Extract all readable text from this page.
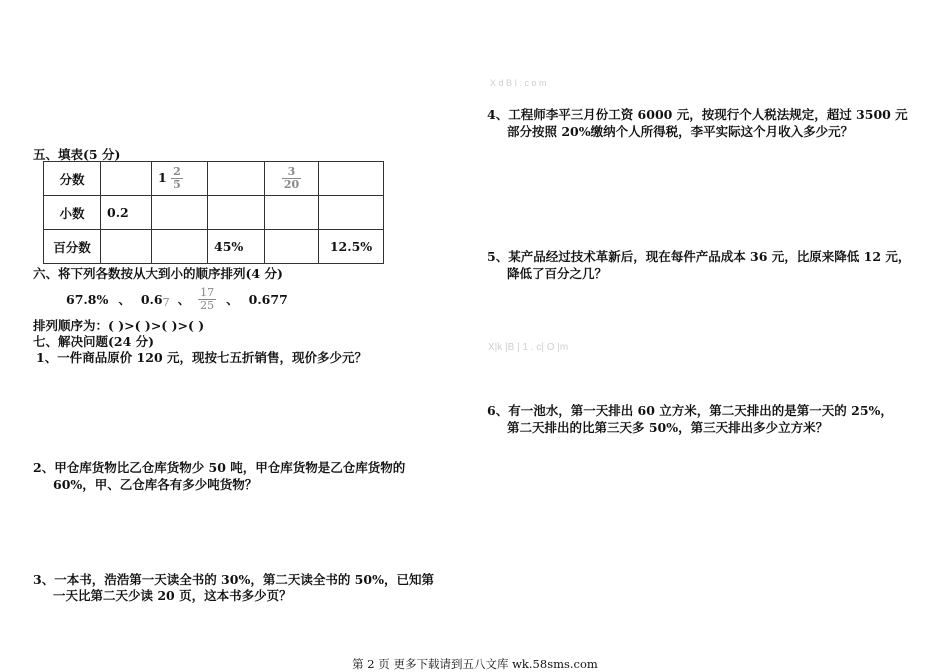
X d B I . c o m
X|k |B | 1 . c| O |m
五、填表(5 分)
分数		$1 \frac{2}{5}$		$\frac{3}{20}$

小数	0.2				
百分数			45%		12.5%
六、将下列各数按从大到小的顺序排列(4 分)
67.8% 、 0.6 7 、 $\frac{17}{25}$ 、 0.677
排列顺序为：( )>( )>( )>( )
七、解决问题(24 分)
1、一件商品原价 120 元，现按七五折销售，现价多少元？
2、甲仓库货物比乙仓库货物少 50 吨，甲仓库货物是乙仓库货物的
60%，甲、乙仓库各有多少吨货物？
3、一本书，浩浩第一天读全书的 30%，第二天读全书的 50%，已知第
一天比第二天少读 20 页，这本书多少页？
4、工程师李平三月份工资 6000 元，按现行个人税法规定，超过 3500 元
部分按照 20%缴纳个人所得税，李平实际这个月收入多少元？
5、某产品经过技术革新后，现在每件产品成本 36 元，比原来降低 12 元，
降低了百分之几？
6、有一池水，第一天排出 60 立方米，第二天排出的是第一天的 25%，
第二天排出的比第三天多 50%，第三天排出多少立方米？
第 2 页 更多下载请到五八文库 wk.58sms.com
